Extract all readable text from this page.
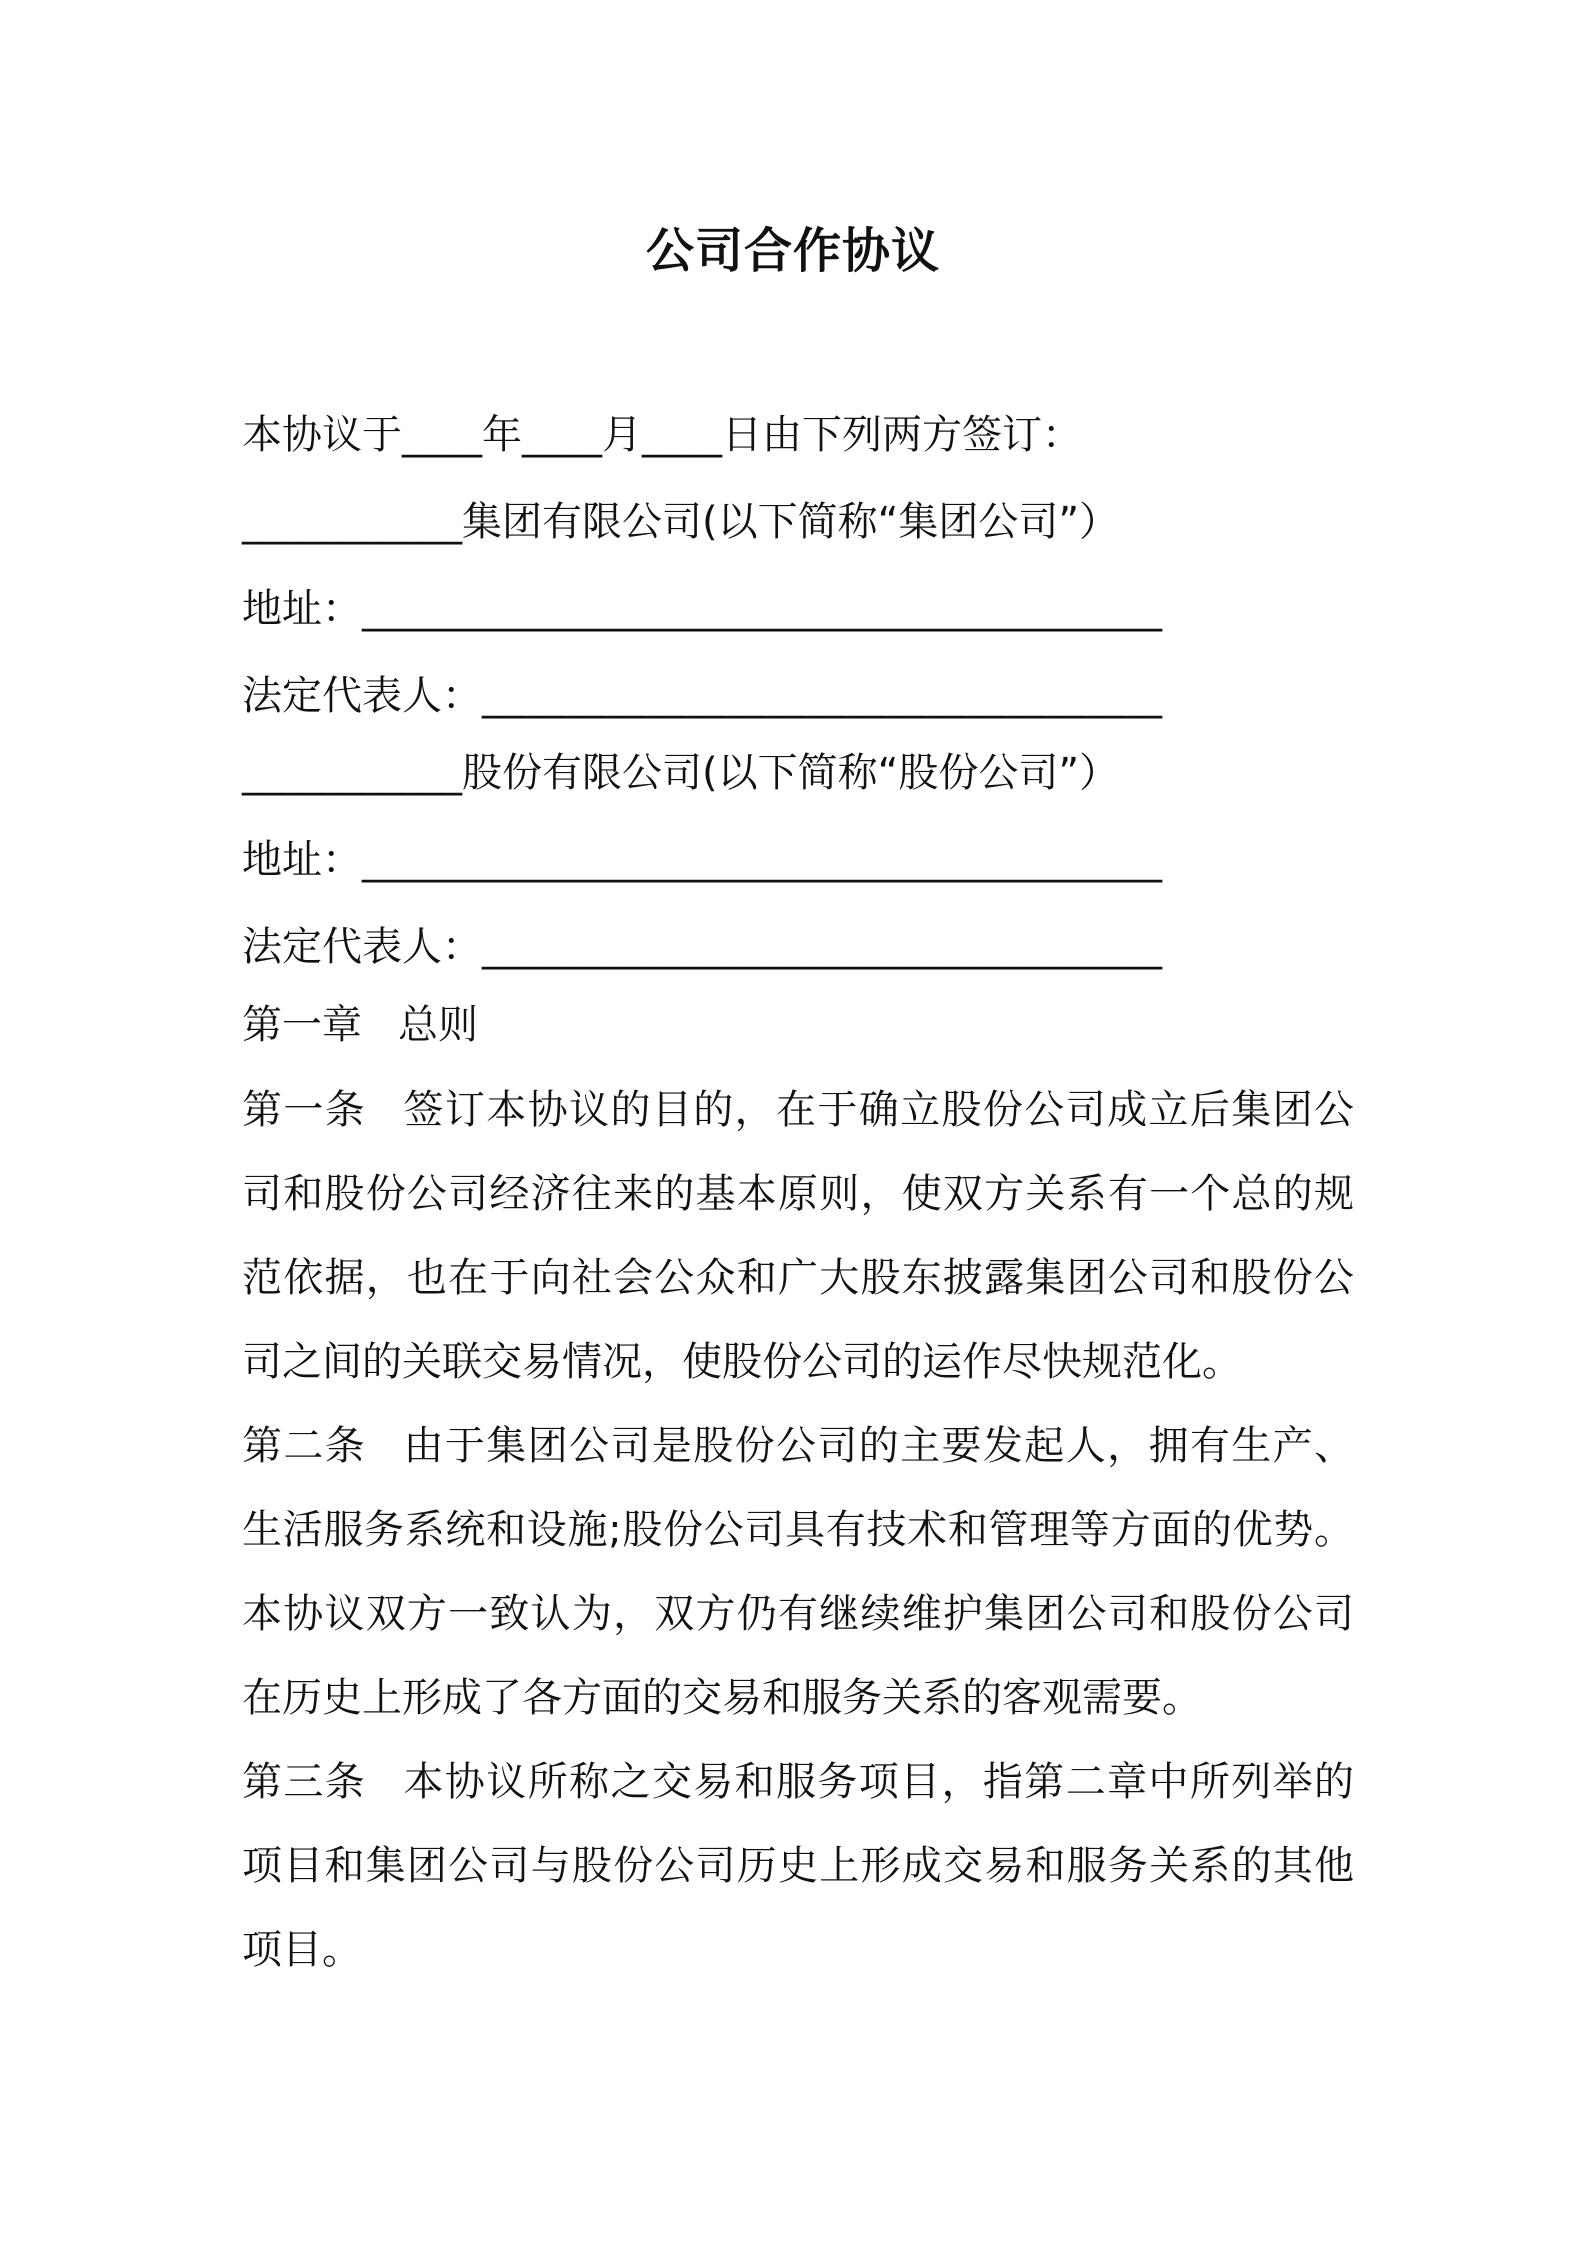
公司合作协议
本协议于____年____月____日由下列两方签订：
___________集团有限公司(以下简称“集团公司”）
地址：________________________________________
法定代表人：__________________________________
___________股份有限公司(以下简称“股份公司”）
地址：________________________________________
法定代表人：__________________________________
第一章 总则
第一条 签订本协议的目的，在于确立股份公司成立后集团公司和股份公司经济往来的基本原则，使双方关系有一个总的规范依据，也在于向社会公众和广大股东披露集团公司和股份公司之间的关联交易情况，使股份公司的运作尽快规范化。
第二条 由于集团公司是股份公司的主要发起人，拥有生产、生活服务系统和设施;股份公司具有技术和管理等方面的优势。本协议双方一致认为，双方仍有继续维护集团公司和股份公司在历史上形成了各方面的交易和服务关系的客观需要。
第三条 本协议所称之交易和服务项目，指第二章中所列举的项目和集团公司与股份公司历史上形成交易和服务关系的其他项目。
